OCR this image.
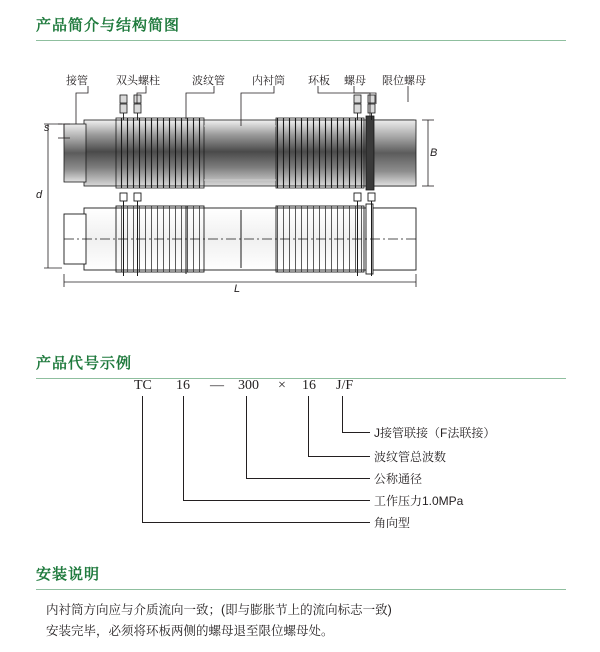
产品简介与结构简图
接管	双头螺柱	波纹管 内衬筒 环板 螺母 限位螺母
s
d
B
L
产品代号示例
TC 16 — 300 × 16 J/F
J接管联接（F法联接）
波纹管总波数
公称通径
工作压力1.0MPa
角向型
安装说明
内衬筒方向应与介质流向一致；(即与膨胀节上的流向标志一致)
安装完毕，必须将环板两侧的螺母退至限位螺母处。
